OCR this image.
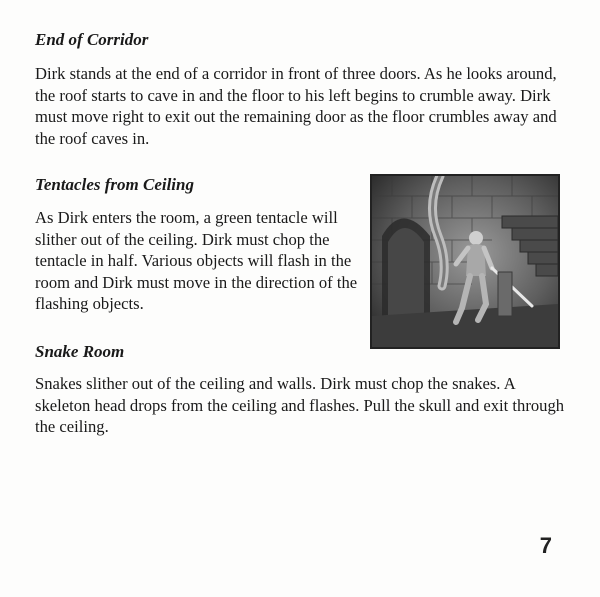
End of Corridor

Dirk stands at the end of a corridor in front of three doors. As he looks around, the roof starts to cave in and the floor to his left begins to crumble away. Dirk must move right to exit out the remaining door as the floor crumbles away and the roof caves in.

Tentacles from Ceiling

As Dirk enters the room, a green tentacle will slither out of the ceiling. Dirk must chop the tentacle in half. Various objects will flash in the room and Dirk must move in the direction of the flashing objects.

Snake Room

Snakes slither out of the ceiling and walls. Dirk must chop the snakes. A skeleton head drops from the ceiling and flashes. Pull the skull and exit through the ceiling.

7
